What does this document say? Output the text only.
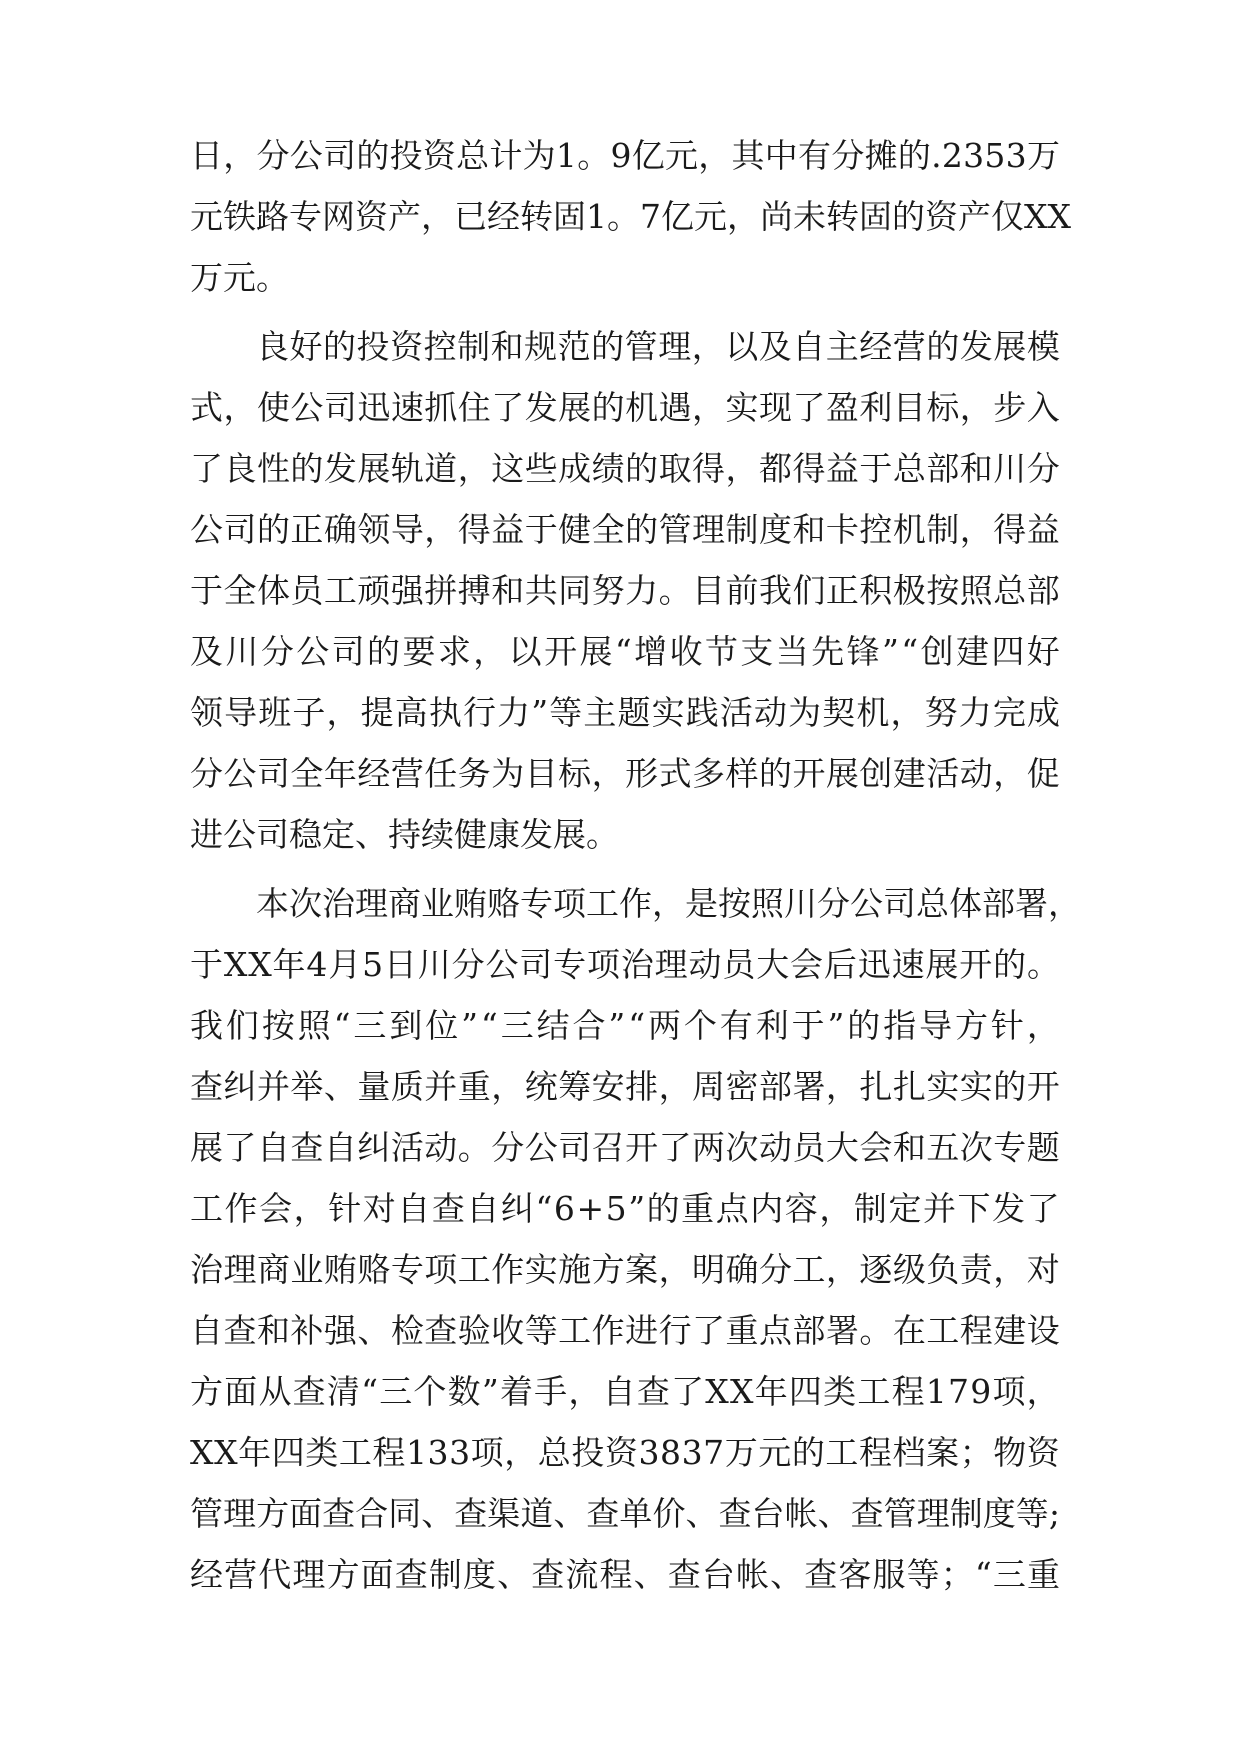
日 ， 分 公 司 的 投 资 总 计 为 1 。 9 亿 元 ， 其 中 有 分 摊 的 . 2 3 5 3 万
元 铁 路 专 网 资 产 ， 已 经 转 固 1 。 7 亿 元 ， 尚 未 转 固 的 资 产 仅 X X
万元。
良 好 的 投 资 控 制 和 规 范 的 管 理 ， 以 及 自 主 经 营 的 发 展 模
式 ， 使 公 司 迅 速 抓 住 了 发 展 的 机 遇 ， 实 现 了 盈 利 目 标 ， 步 入
了 良 性 的 发 展 轨 道 ， 这 些 成 绩 的 取 得 ， 都 得 益 于 总 部 和 川 分
公 司 的 正 确 领 导 ， 得 益 于 健 全 的 管 理 制 度 和 卡 控 机 制 ， 得 益
于 全 体 员 工 顽 强 拼 搏 和 共 同 努 力 。 目 前 我 们 正 积 极 按 照 总 部
及 川 分 公 司 的 要 求 ， 以 开 展 “ 增 收 节 支 当 先 锋 ” “ 创 建 四 好
领 导 班 子 ， 提 高 执 行 力 ” 等 主 题 实 践 活 动 为 契 机 ， 努 力 完 成
分 公 司 全 年 经 营 任 务 为 目 标 ， 形 式 多 样 的 开 展 创 建 活 动 ， 促
进公司稳定、持续健康发展。
本 次 治 理 商 业 贿 赂 专 项 工 作 ， 是 按 照 川 分 公 司 总 体 部 署 ，
于 X X 年 4 月 5 日 川 分 公 司 专 项 治 理 动 员 大 会 后 迅 速 展 开 的 。
我 们 按 照 “ 三 到 位 ” “ 三 结 合 ” “ 两 个 有 利 于 ” 的 指 导 方 针 ，
查 纠 并 举 、 量 质 并 重 ， 统 筹 安 排 ， 周 密 部 署 ， 扎 扎 实 实 的 开
展 了 自 查 自 纠 活 动 。 分 公 司 召 开 了 两 次 动 员 大 会 和 五 次 专 题
工 作 会 ， 针 对 自 查 自 纠 “ 6 + 5 ” 的 重 点 内 容 ， 制 定 并 下 发 了
治 理 商 业 贿 赂 专 项 工 作 实 施 方 案 ， 明 确 分 工 ， 逐 级 负 责 ， 对
自 查 和 补 强 、 检 查 验 收 等 工 作 进 行 了 重 点 部 署 。 在 工 程 建 设
方 面 从 查 清 “ 三 个 数 ” 着 手 ， 自 查 了 X X 年 四 类 工 程 1 7 9 项 ，
X X 年 四 类 工 程 1 3 3 项 ， 总 投 资 3 8 3 7 万 元 的 工 程 档 案 ； 物 资
管 理 方 面 查 合 同 、 查 渠 道 、 查 单 价 、 查 台 帐 、 查 管 理 制 度 等 ;
经 营 代 理 方 面 查 制 度 、 查 流 程 、 查 台 帐 、 查 客 服 等 ； “ 三 重
